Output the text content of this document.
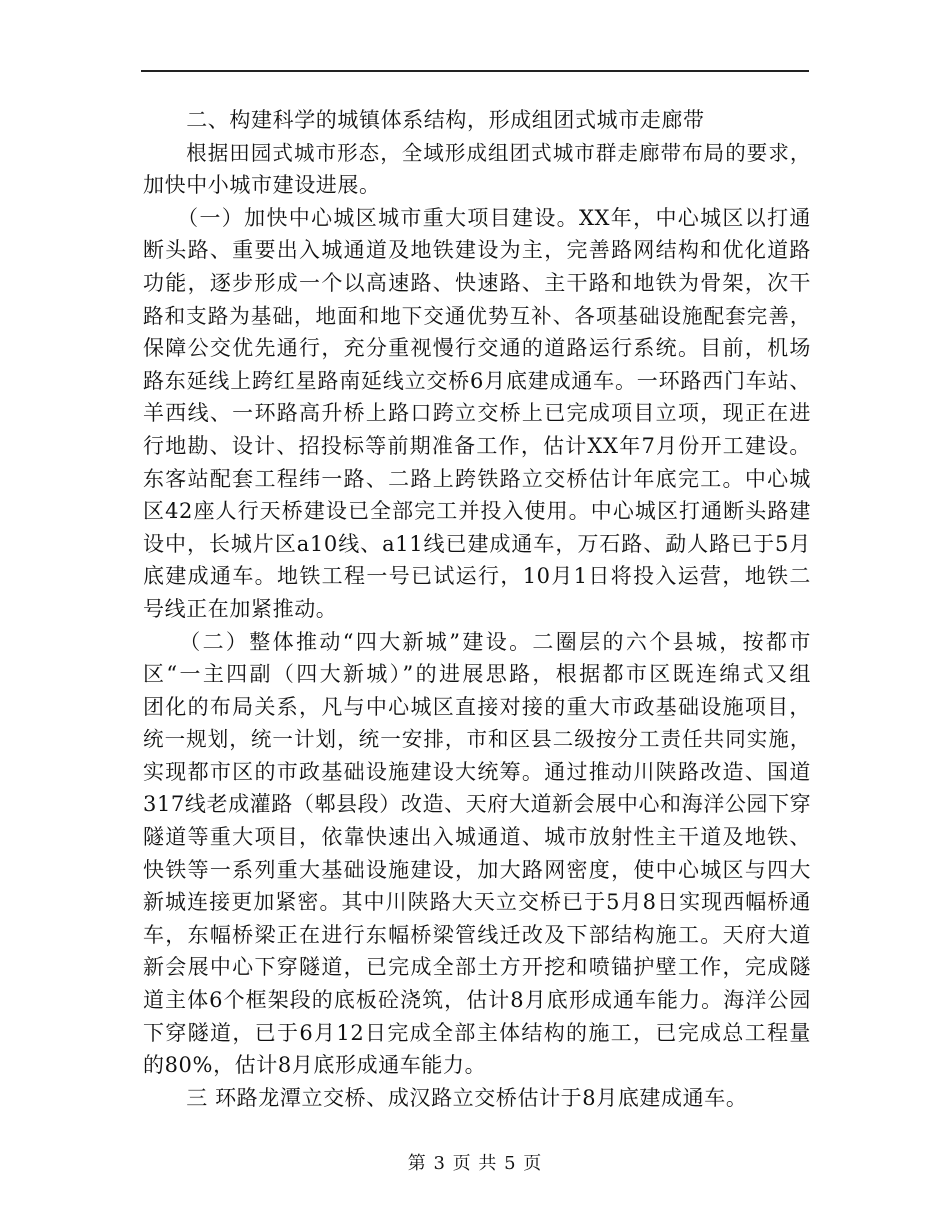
　　二、构建科学的城镇体系结构，形成组团式城市走廊带
　　根据田园式城市形态，全域形成组团式城市群走廊带布局的要求，
加快中小城市建设进展。
　　（一）加快中心城区城市重大项目建设。XX年，中心城区以打通
断头路、重要出入城通道及地铁建设为主，完善路网结构和优化道路
功能，逐步形成一个以高速路、快速路、主干路和地铁为骨架，次干
路和支路为基础，地面和地下交通优势互补、各项基础设施配套完善，
保障公交优先通行，充分重视慢行交通的道路运行系统。目前，机场
路东延线上跨红星路南延线立交桥6月底建成通车。一环路西门车站、
羊西线、一环路高升桥上路口跨立交桥上已完成项目立项，现正在进
行地勘、设计、招投标等前期准备工作，估计XX年7月份开工建设。
东客站配套工程纬一路、二路上跨铁路立交桥估计年底完工。中心城
区42座人行天桥建设已全部完工并投入使用。中心城区打通断头路建
设中，长城片区a10线、a11线已建成通车，万石路、勐人路已于5月
底建成通车。地铁工程一号已试运行，10月1日将投入运营，地铁二
号线正在加紧推动。
　　（二）整体推动“四大新城”建设。二圈层的六个县城，按都市
区“一主四副（四大新城）”的进展思路，根据都市区既连绵式又组
团化的布局关系，凡与中心城区直接对接的重大市政基础设施项目，
统一规划，统一计划，统一安排，市和区县二级按分工责任共同实施，
实现都市区的市政基础设施建设大统筹。通过推动川陕路改造、国道
317线老成灌路（郫县段）改造、天府大道新会展中心和海洋公园下穿
隧道等重大项目，依靠快速出入城通道、城市放射性主干道及地铁、
快铁等一系列重大基础设施建设，加大路网密度，使中心城区与四大
新城连接更加紧密。其中川陕路大天立交桥已于5月8日实现西幅桥通
车，东幅桥梁正在进行东幅桥梁管线迁改及下部结构施工。天府大道
新会展中心下穿隧道，已完成全部土方开挖和喷锚护壁工作，完成隧
道主体6个框架段的底板砼浇筑，估计8月底形成通车能力。海洋公园
下穿隧道，已于6月12日完成全部主体结构的施工，已完成总工程量
的80%，估计8月底形成通车能力。
　　三 环路龙潭立交桥、成汉路立交桥估计于8月底建成通车。
第 3 页 共 5 页
